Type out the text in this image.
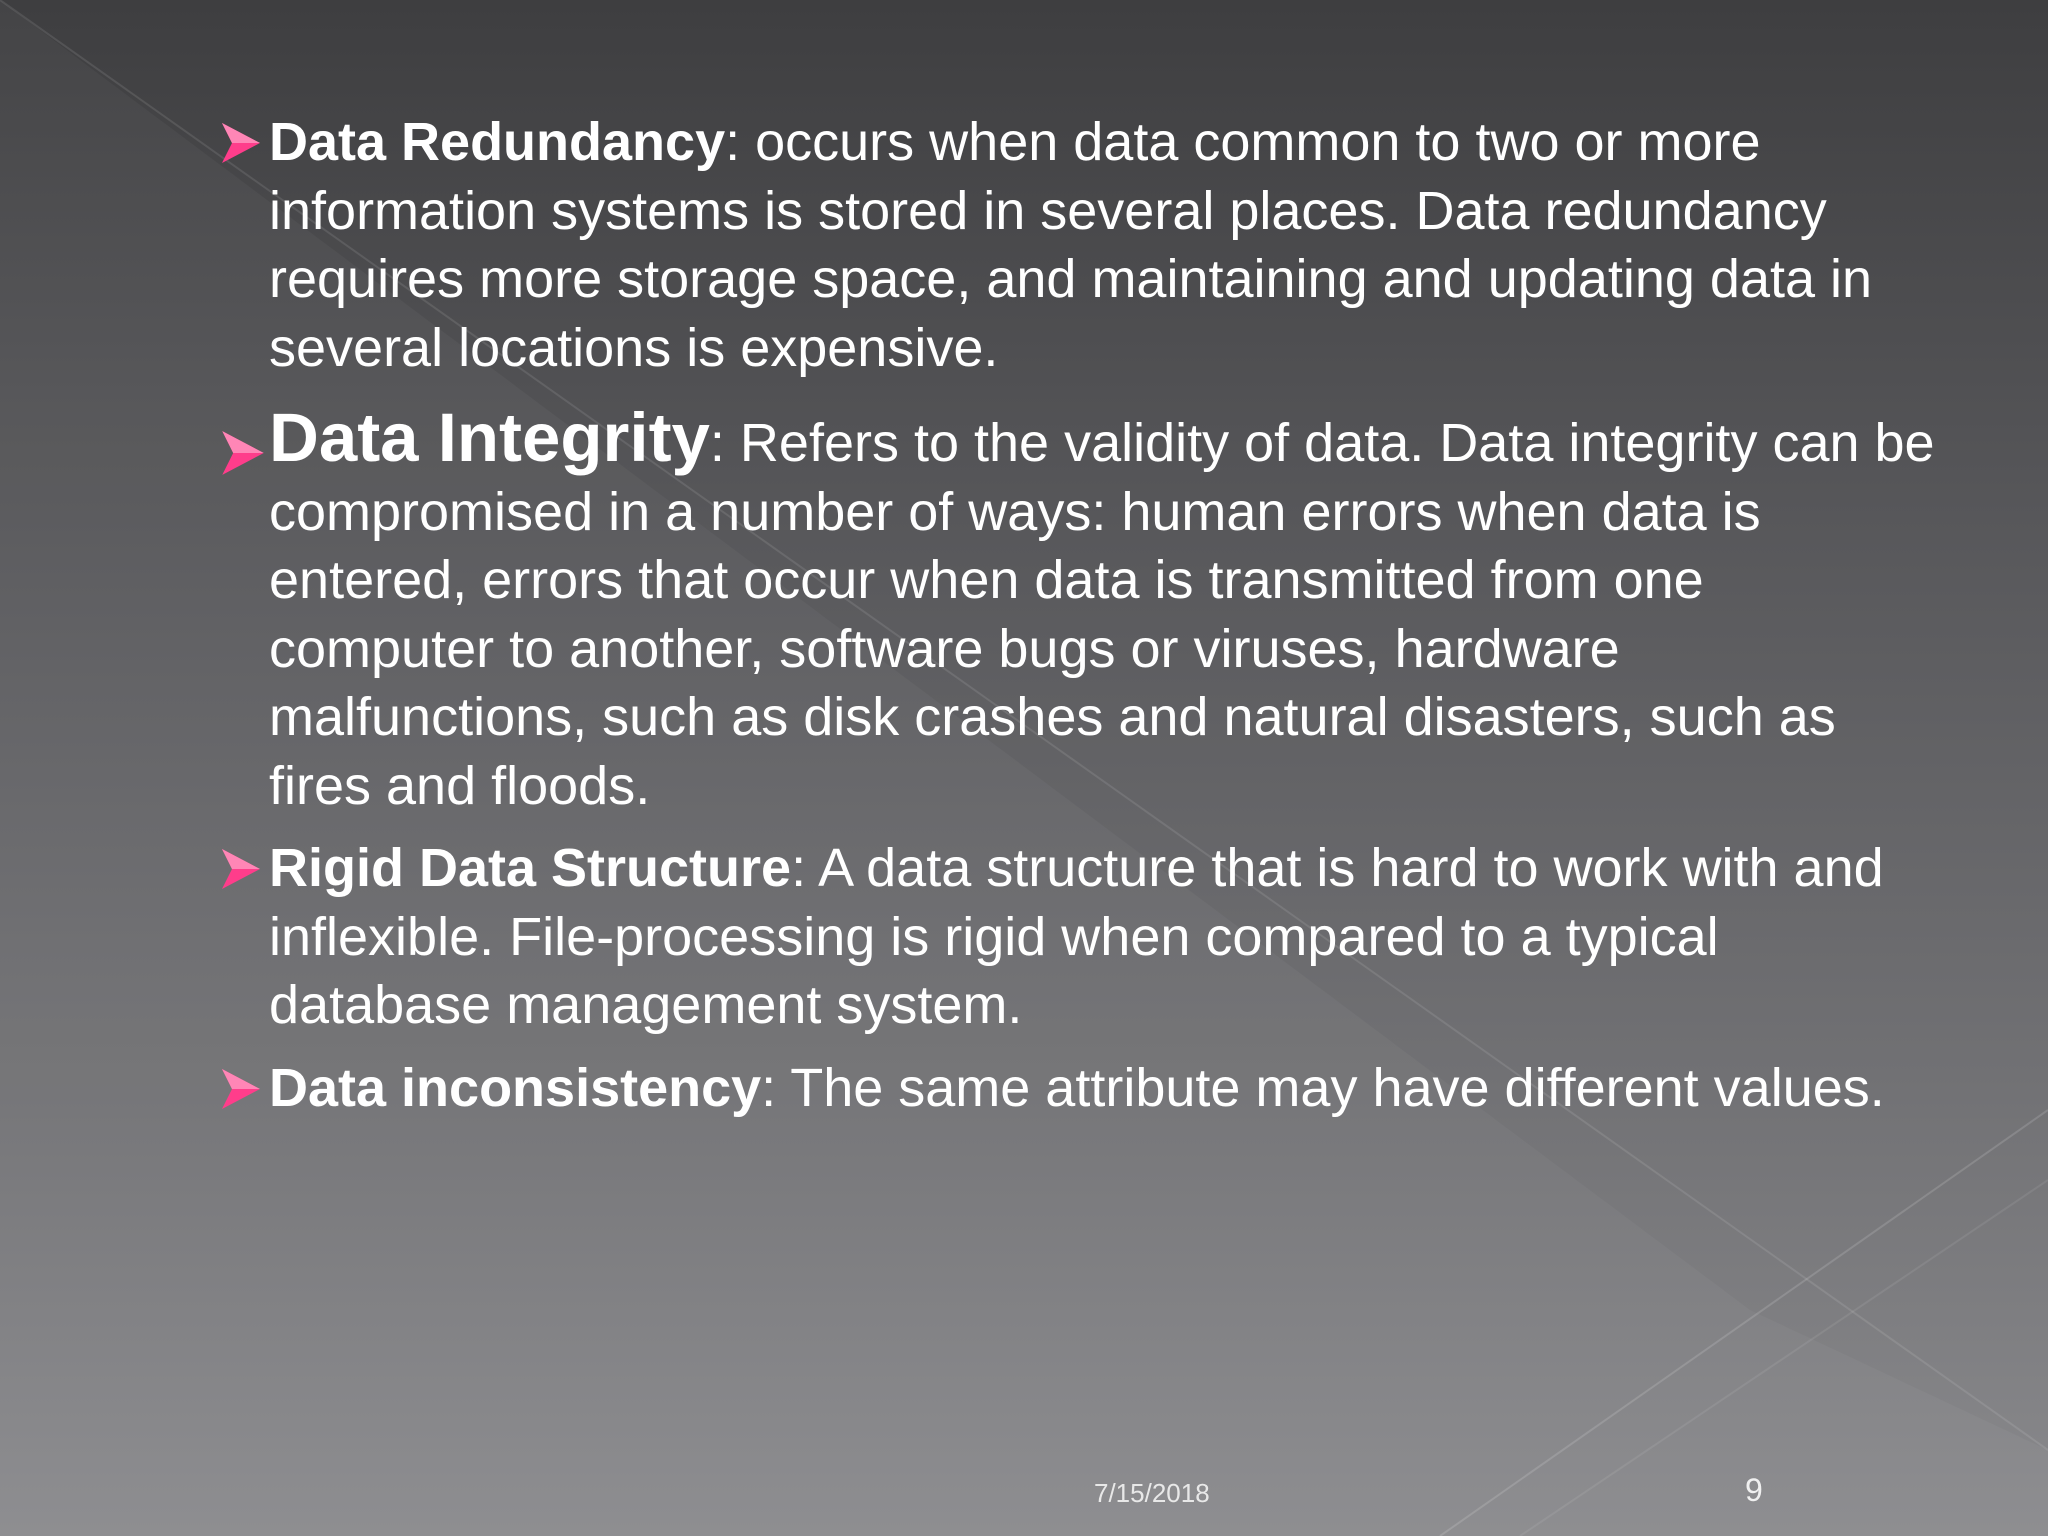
Data Redundancy: occurs when data common to two or more information systems is stored in several places. Data redundancy requires more storage space, and maintaining and updating data in several locations is expensive.

Data Integrity: Refers to the validity of data. Data integrity can be compromised in a number of ways: human errors when data is entered, errors that occur when data is transmitted from one computer to another, software bugs or viruses, hardware malfunctions, such as disk crashes and natural disasters, such as fires and floods.

Rigid Data Structure: A data structure that is hard to work with and inflexible. File-processing is rigid when compared to a typical database management system.

Data inconsistency: The same attribute may have different values.

7/15/2018	9
